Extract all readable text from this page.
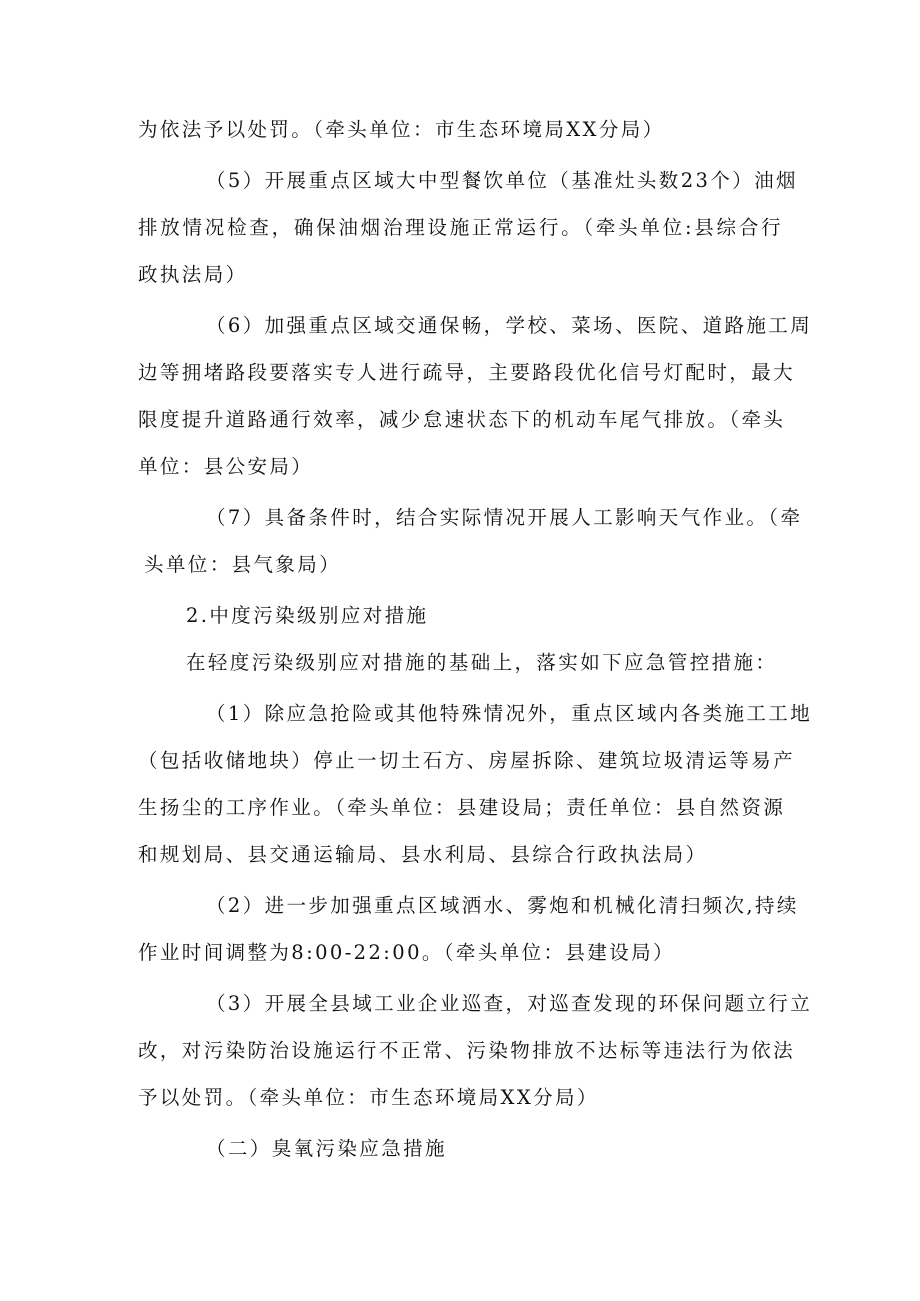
为依法予以处罚。（牵头单位：市生态环境局XX分局）
（5）开展重点区域大中型餐饮单位（基准灶头数23个）油烟
排放情况检查，确保油烟治理设施正常运行。（牵头单位:县综合行
政执法局）
（6）加强重点区域交通保畅，学校、菜场、医院、道路施工周
边等拥堵路段要落实专人进行疏导，主要路段优化信号灯配时，最大
限度提升道路通行效率，减少怠速状态下的机动车尾气排放。（牵头
单位：县公安局）
（7）具备条件时，结合实际情况开展人工影响天气作业。（牵
头单位：县气象局）
2.中度污染级别应对措施
在轻度污染级别应对措施的基础上，落实如下应急管控措施：
（1）除应急抢险或其他特殊情况外，重点区域内各类施工工地
（包括收储地块）停止一切土石方、房屋拆除、建筑垃圾清运等易产
生扬尘的工序作业。（牵头单位：县建设局；责任单位：县自然资源
和规划局、县交通运输局、县水利局、县综合行政执法局）
（2）进一步加强重点区域洒水、雾炮和机械化清扫频次,持续
作业时间调整为8:00-22:00。（牵头单位：县建设局）
（3）开展全县域工业企业巡查，对巡查发现的环保问题立行立
改，对污染防治设施运行不正常、污染物排放不达标等违法行为依法
予以处罚。（牵头单位：市生态环境局XX分局）
（二）臭氧污染应急措施
